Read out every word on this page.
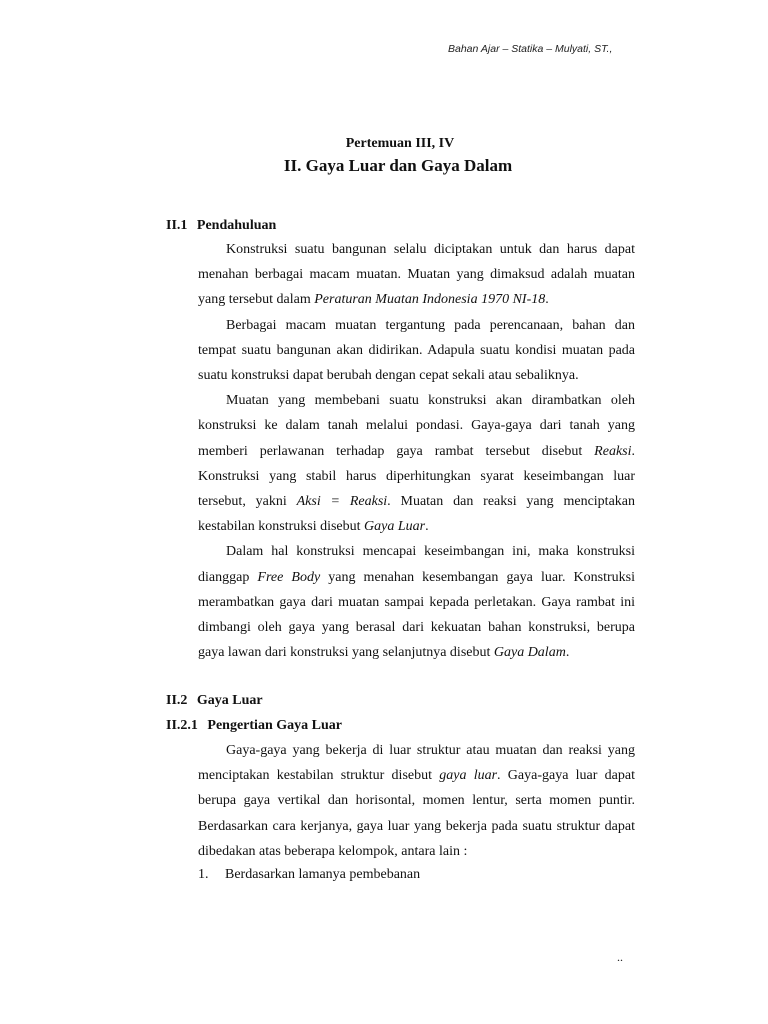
Bahan Ajar – Statika – Mulyati, ST.,
Pertemuan III, IV
II. Gaya Luar dan Gaya Dalam
II.1 Pendahuluan

Konstruksi suatu bangunan selalu diciptakan untuk dan harus dapat menahan berbagai macam muatan. Muatan yang dimaksud adalah muatan yang tersebut dalam Peraturan Muatan Indonesia 1970 NI-18.

Berbagai macam muatan tergantung pada perencanaan, bahan dan tempat suatu bangunan akan didirikan. Adapula suatu kondisi muatan pada suatu konstruksi dapat berubah dengan cepat sekali atau sebaliknya.

Muatan yang membebani suatu konstruksi akan dirambatkan oleh konstruksi ke dalam tanah melalui pondasi. Gaya-gaya dari tanah yang memberi perlawanan terhadap gaya rambat tersebut disebut Reaksi. Konstruksi yang stabil harus diperhitungkan syarat keseimbangan luar tersebut, yakni Aksi = Reaksi. Muatan dan reaksi yang menciptakan kestabilan konstruksi disebut Gaya Luar.

Dalam hal konstruksi mencapai keseimbangan ini, maka konstruksi dianggap Free Body yang menahan kesembangan gaya luar. Konstruksi merambatkan gaya dari muatan sampai kepada perletakan. Gaya rambat ini dimbangi oleh gaya yang berasal dari kekuatan bahan konstruksi, berupa gaya lawan dari konstruksi yang selanjutnya disebut Gaya Dalam.

II.2 Gaya Luar
II.2.1 Pengertian Gaya Luar

Gaya-gaya yang bekerja di luar struktur atau muatan dan reaksi yang menciptakan kestabilan struktur disebut gaya luar. Gaya-gaya luar dapat berupa gaya vertikal dan horisontal, momen lentur, serta momen puntir. Berdasarkan cara kerjanya, gaya luar yang bekerja pada suatu struktur dapat dibedakan atas beberapa kelompok, antara lain :

1. Berdasarkan lamanya pembebanan
..
